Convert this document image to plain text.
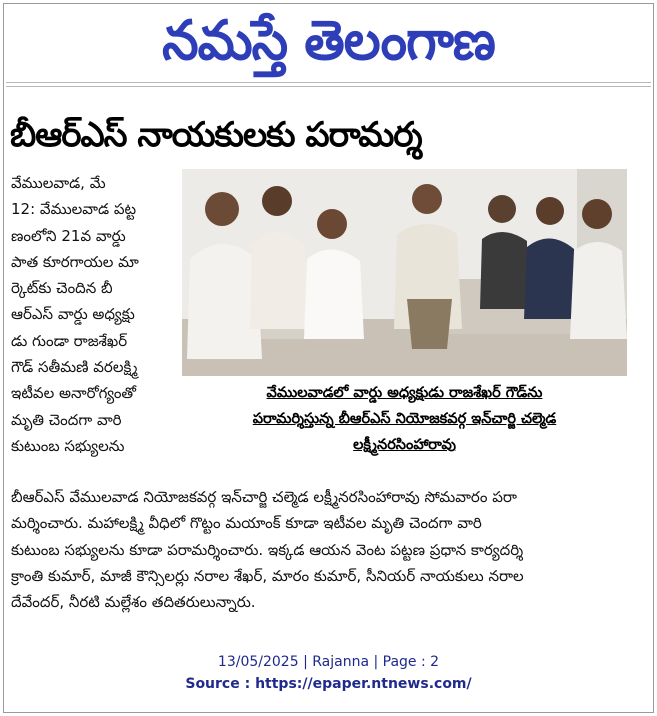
నమస్తే తెలంగాణ
బీఆర్ఎస్ నాయకులకు పరామర్శ
వేములవాడ, మే
12: వేములవాడ పట్ట
ణంలోని 21వ వార్డు
పాత కూరగాయల మా
ర్కెట్‌కు చెందిన బీ
ఆర్ఎస్ వార్డు అధ్యక్షు
డు గుండా రాజశేఖర్
గౌడ్ సతీమణి వరలక్ష్మి
ఇటీవల అనారోగ్యంతో
మృతి చెందగా వారి
కుటుంబ సభ్యులను
వేములవాడలో వార్డు అధ్యక్షుడు రాజశేఖర్ గౌడ్‌ను
పరామర్శిస్తున్న బీఆర్ఎస్ నియోజకవర్గ ఇన్‌చార్జి చల్మెడ
లక్ష్మీనరసింహారావు
బీఆర్ఎస్ వేములవాడ నియోజకవర్గ ఇన్‌చార్జి చల్మెడ లక్ష్మీనరసింహారావు సోమవారం పరా
మర్శించారు. మహాలక్ష్మి వీధిలో గొట్టం మయాంక్ కూడా ఇటీవల మృతి చెందగా వారి
కుటుంబ సభ్యులను కూడా పరామర్శించారు. ఇక్కడ ఆయన వెంట పట్టణ ప్రధాన కార్యదర్శి
క్రాంతి కుమార్, మాజీ కౌన్సిలర్లు నరాల శేఖర్, మారం కుమార్, సీనియర్ నాయకులు నరాల
దేవేందర్, నీరటి మల్లేశం తదితరులున్నారు.
13/05/2025 | Rajanna | Page : 2
Source : https://epaper.ntnews.com/
